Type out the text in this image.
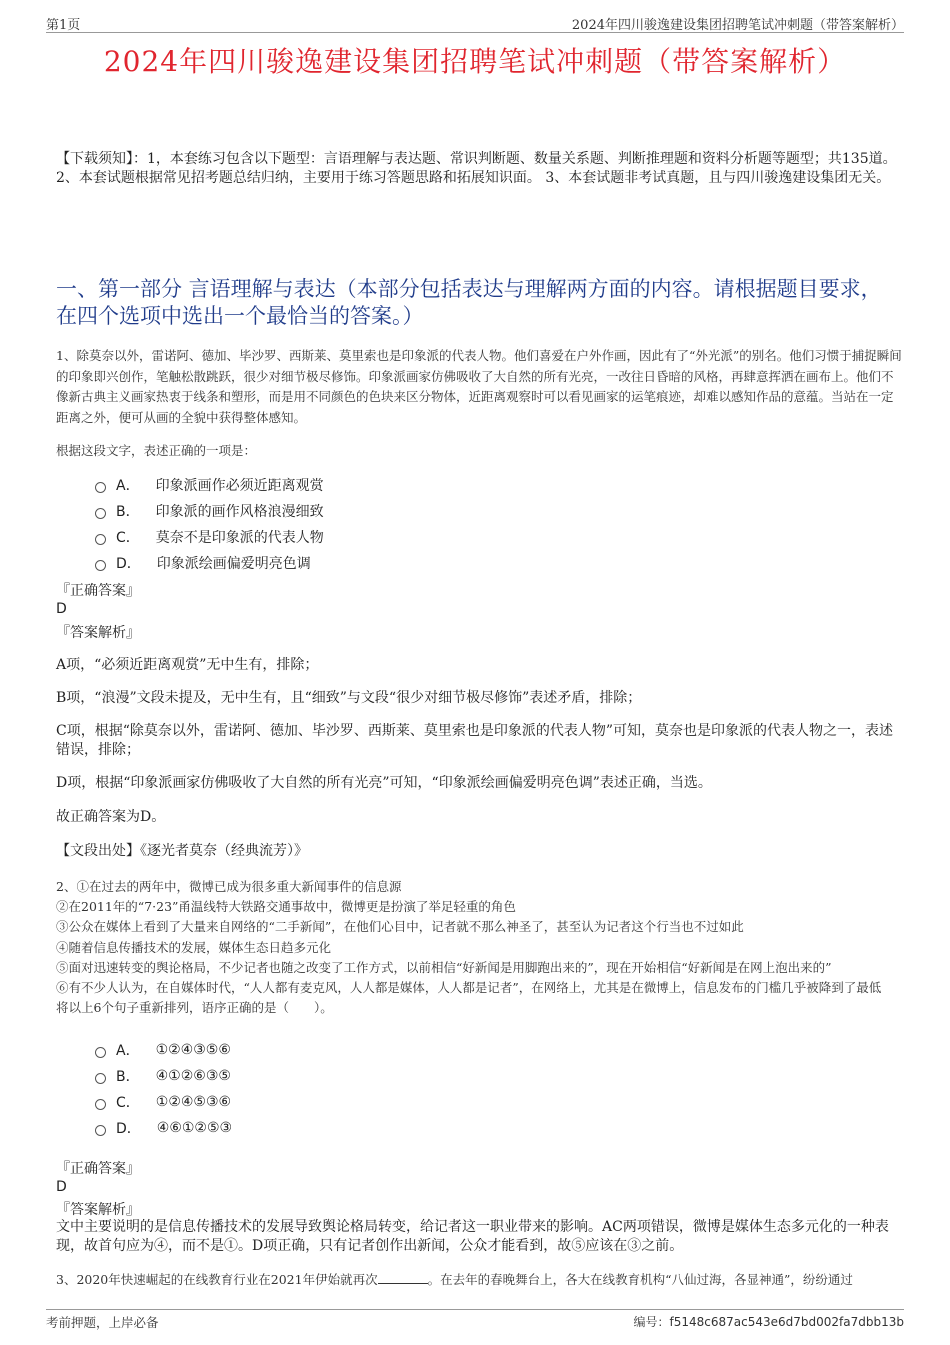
第1页	2024年四川骏逸建设集团招聘笔试冲刺题（带答案解析）
2024年四川骏逸建设集团招聘笔试冲刺题（带答案解析）
【下载须知】：1，本套练习包含以下题型：言语理解与表达题、常识判断题、数量关系题、判断推理题和资料分析题等题型；共135道。 2、本套试题根据常见招考题总结归纳，主要用于练习答题思路和拓展知识面。 3、本套试题非考试真题，且与四川骏逸建设集团无关。
一、第一部分 言语理解与表达（本部分包括表达与理解两方面的内容。请根据题目要求，在四个选项中选出一个最恰当的答案。）
1、除莫奈以外，雷诺阿、德加、毕沙罗、西斯莱、莫里索也是印象派的代表人物。他们喜爱在户外作画，因此有了“外光派”的别名。他们习惯于捕捉瞬间的印象即兴创作，笔触松散跳跃，很少对细节极尽修饰。印象派画家仿佛吸收了大自然的所有光亮，一改往日昏暗的风格，再肆意挥洒在画布上。他们不像新古典主义画家热衷于线条和塑形，而是用不同颜色的色块来区分物体，近距离观察时可以看见画家的运笔痕迹，却难以感知作品的意蕴。当站在一定距离之外，便可从画的全貌中获得整体感知。
根据这段文字，表述正确的一项是：
A． 印象派画作必须近距离观赏
B． 印象派的画作风格浪漫细致
C． 莫奈不是印象派的代表人物
D． 印象派绘画偏爱明亮色调
『正确答案』
D
『答案解析』
A项，“必须近距离观赏”无中生有，排除；
B项，“浪漫”文段未提及，无中生有，且“细致”与文段“很少对细节极尽修饰”表述矛盾，排除；
C项，根据“除莫奈以外，雷诺阿、德加、毕沙罗、西斯莱、莫里索也是印象派的代表人物”可知，莫奈也是印象派的代表人物之一，表述错误，排除；
D项，根据“印象派画家仿佛吸收了大自然的所有光亮”可知，“印象派绘画偏爱明亮色调”表述正确，当选。
故正确答案为D。
【文段出处】《逐光者莫奈（经典流芳）》
2、①在过去的两年中，微博已成为很多重大新闻事件的信息源
②在2011年的“7·23”甬温线特大铁路交通事故中，微博更是扮演了举足轻重的角色
③公众在媒体上看到了大量来自网络的“二手新闻”，在他们心目中，记者就不那么神圣了，甚至认为记者这个行当也不过如此
④随着信息传播技术的发展，媒体生态日趋多元化
⑤面对迅速转变的舆论格局，不少记者也随之改变了工作方式，以前相信“好新闻是用脚跑出来的”，现在开始相信“好新闻是在网上泡出来的”
⑥有不少人认为，在自媒体时代，“人人都有麦克风，人人都是媒体，人人都是记者”，在网络上，尤其是在微博上，信息发布的门槛几乎被降到了最低
将以上6个句子重新排列，语序正确的是（　　）。
A． ①②④③⑤⑥
B． ④①②⑥③⑤
C． ①②④⑤③⑥
D． ④⑥①②⑤③
『正确答案』
D
『答案解析』
文中主要说明的是信息传播技术的发展导致舆论格局转变，给记者这一职业带来的影响。AC两项错误，微博是媒体生态多元化的一种表现，故首句应为④，而不是①。D项正确，只有记者创作出新闻，公众才能看到，故⑤应该在③之前。
3、2020年快速崛起的在线教育行业在2021年伊始就再次	。在去年的春晚舞台上，各大在线教育机构“八仙过海，各显神通”，纷纷通过
考前押题，上岸必备	编号：f5148c687ac543e6d7bd002fa7dbb13b
